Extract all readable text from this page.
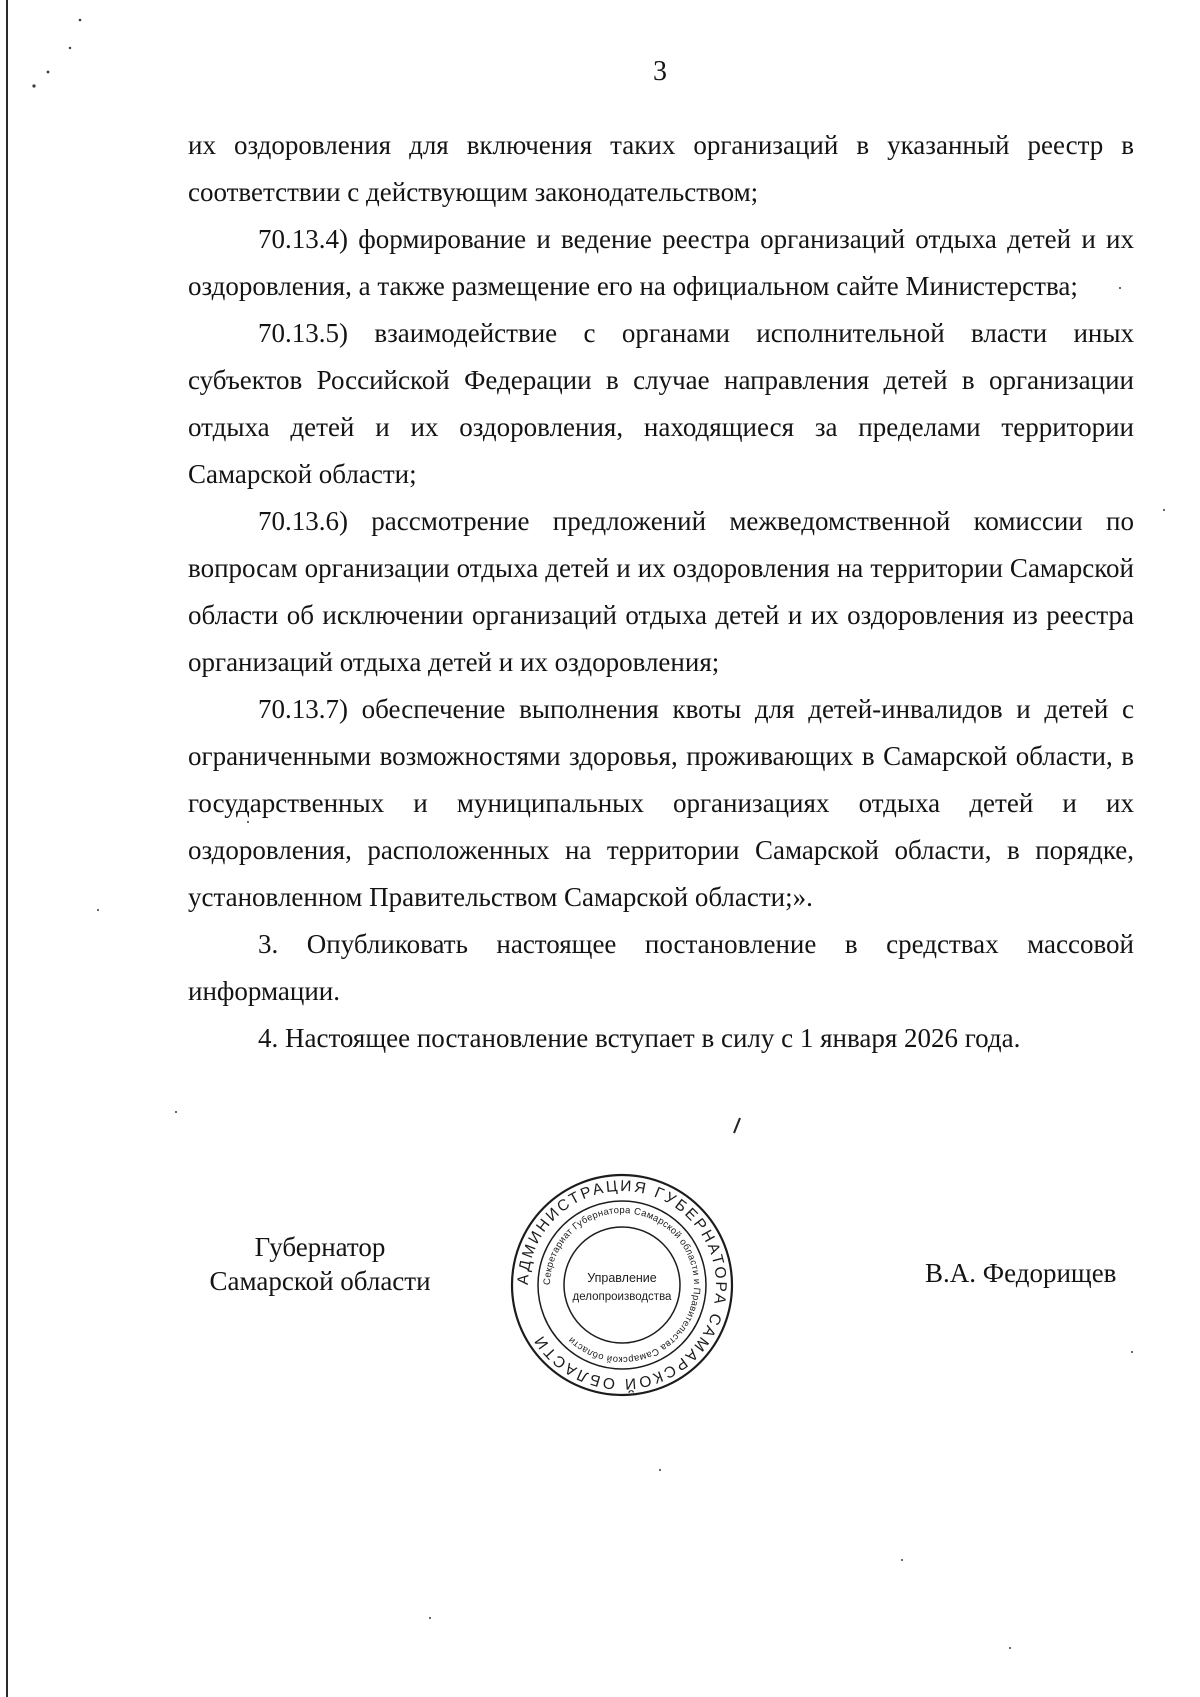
3

их оздоровления для включения таких организаций в указанный реестр в соответствии с действующим законодательством;

70.13.4) формирование и ведение реестра организаций отдыха детей и их оздоровления, а также размещение его на официальном сайте Министерства;

70.13.5) взаимодействие с органами исполнительной власти иных субъектов Российской Федерации в случае направления детей в организации отдыха детей и их оздоровления, находящиеся за пределами территории Самарской области;

70.13.6) рассмотрение предложений межведомственной комиссии по вопросам организации отдыха детей и их оздоровления на территории Самарской области об исключении организаций отдыха детей и их оздоровления из реестра организаций отдыха детей и их оздоровления;

70.13.7) обеспечение выполнения квоты для детей-инвалидов и детей с ограниченными возможностями здоровья, проживающих в Самарской области, в государственных и муниципальных организациях отдыха детей и их оздоровления, расположенных на территории Самарской области, в порядке, установленном Правительством Самарской области;».

3. Опубликовать настоящее постановление в средствах массовой информации.

4. Настоящее постановление вступает в силу с 1 января 2026 года.

Губернатор
Самарской области	АДМИНИСТРАЦИЯ ГУБЕРНАТОРА САМАРСКОЙ ОБЛАСТИ
Секретариат Губернатора Самарской области и Правительства Самарской области
Управление
делопроизводства
В.А. Федорищев
